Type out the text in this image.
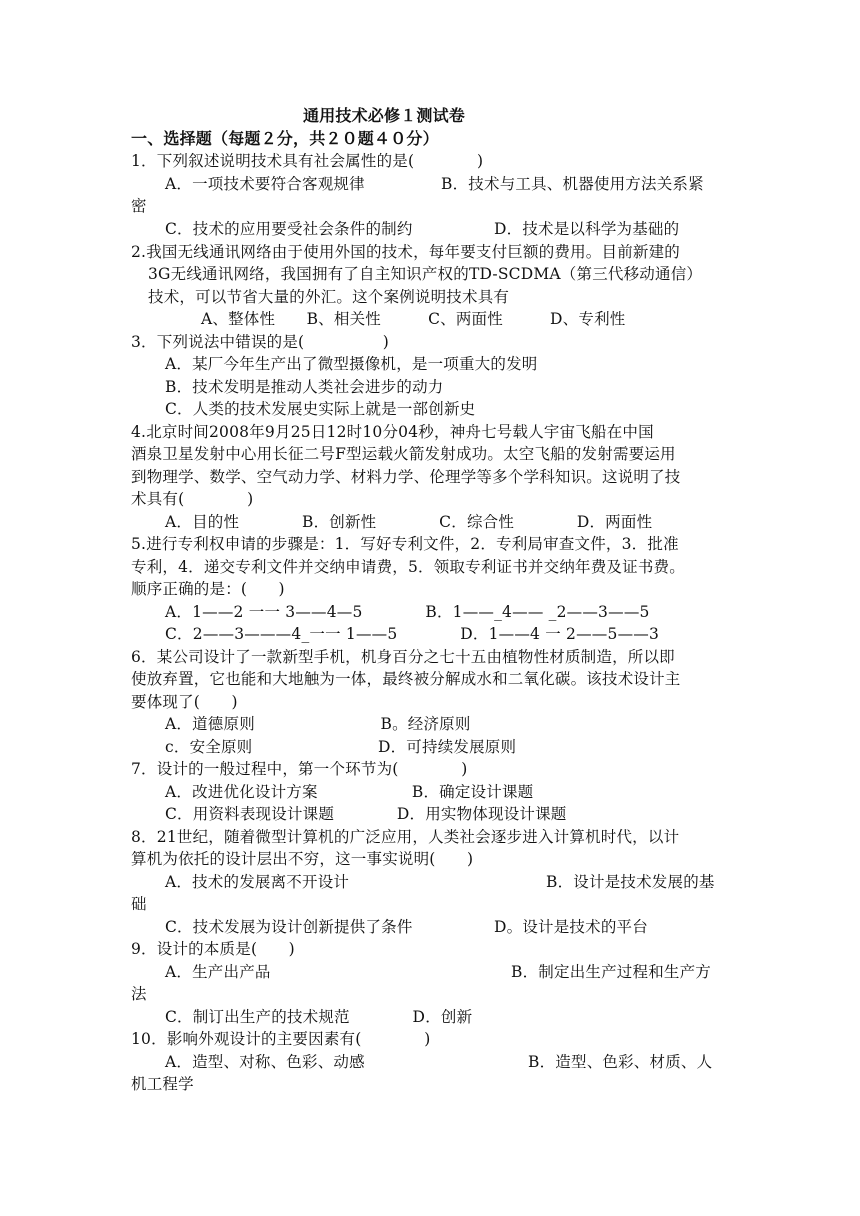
通用技术必修１测试卷
一、选择题（每题２分，共２０题４０分）
1．下列叙述说明技术具有社会属性的是(　　　　)
A．一项技术要符合客观规律	B．技术与工具、机器使用方法关系紧
密
C．技术的应用要受社会条件的制约	D．技术是以科学为基础的
2.我国无线通讯网络由于使用外国的技术，每年要支付巨额的费用。目前新建的
3G无线通讯网络，我国拥有了自主知识产权的TD-SCDMA（第三代移动通信）
技术，可以节省大量的外汇。这个案例说明技术具有
A、整体性　　B、相关性　　　C、两面性　　　D、专利性
3．下列说法中错误的是(　　　　　)
A．某厂今年生产出了微型摄像机，是一项重大的发明
B．技术发明是推动人类社会进步的动力
C．人类的技术发展史实际上就是一部创新史
4.北京时间2008年9月25日12时10分04秒，神舟七号载人宇宙飞船在中国
酒泉卫星发射中心用长征二号F型运载火箭发射成功。太空飞船的发射需要运用
到物理学、数学、空气动力学、材料力学、伦理学等多个学科知识。这说明了技
术具有(　　　　)
A．目的性　　　　B．创新性　　　　C．综合性　　　　D．两面性
5.进行专利权申请的步骤是：1．写好专利文件，2．专利局审查文件，3．批准
专利，4．递交专利文件并交纳申请费，5．领取专利证书并交纳年费及证书费。
顺序正确的是：(　　)
A．1——2 一一 3——4—5　　　　B．1——_4—— _2——3——5
C．2——3———4_一一 1——5　　　　D．1——4 一 2——5——3
6．某公司设计了一款新型手机，机身百分之七十五由植物性材质制造，所以即
使放弃置，它也能和大地触为一体，最终被分解成水和二氧化碳。该技术设计主
要体现了(　　)
A．道德原则　　　　　　　　B。经济原则
c．安全原则　　　　　　　　D．可持续发展原则
7．设计的一般过程中，第一个环节为(　　　　)
A．改进优化设计方案　　　　　　B．确定设计课题
C．用资料表现设计课题　　　　D．用实物体现设计课题
8．21世纪，随着微型计算机的广泛应用，人类社会逐步进入计算机时代，以计
算机为依托的设计层出不穷，这一事实说明(　　)
A．技术的发展离不开设计	B．设计是技术发展的基
础
C．技术发展为设计创新提供了条件	D。设计是技术的平台
9．设计的本质是(　　)
A．生产出产品	B．制定出生产过程和生产方
法
C．制订出生产的技术规范　　　　D．创新
10．影响外观设计的主要因素有(　　　　)
A．造型、对称、色彩、动感	B．造型、色彩、材质、人
机工程学
